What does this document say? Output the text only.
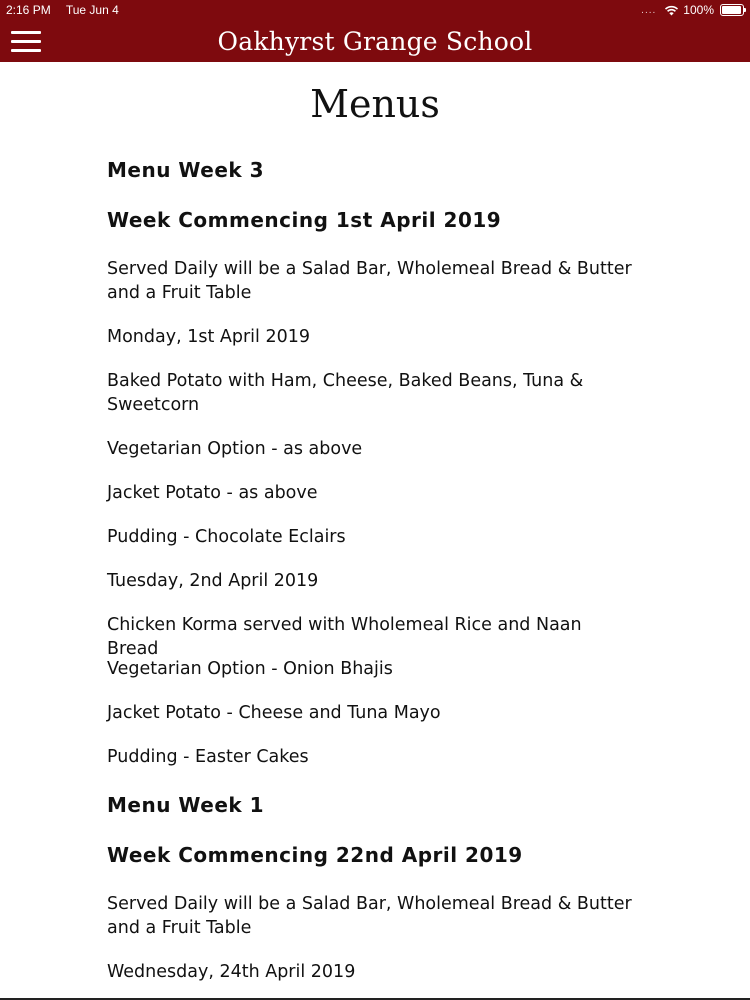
2:16 PM Tue Jun 4	.... 100%
Oakhyrst Grange School
Menus
Menu Week 3
Week Commencing 1st April 2019
Served Daily will be a Salad Bar, Wholemeal Bread & Butter
and a Fruit Table
Monday, 1st April 2019
Baked Potato with Ham, Cheese, Baked Beans, Tuna &
Sweetcorn
Vegetarian Option - as above
Jacket Potato - as above
Pudding - Chocolate Eclairs
Tuesday, 2nd April 2019
Chicken Korma served with Wholemeal Rice and Naan Bread
Vegetarian Option - Onion Bhajis
Jacket Potato - Cheese and Tuna Mayo
Pudding - Easter Cakes
Menu Week 1
Week Commencing 22nd April 2019
Served Daily will be a Salad Bar, Wholemeal Bread & Butter
and a Fruit Table
Wednesday, 24th April 2019
